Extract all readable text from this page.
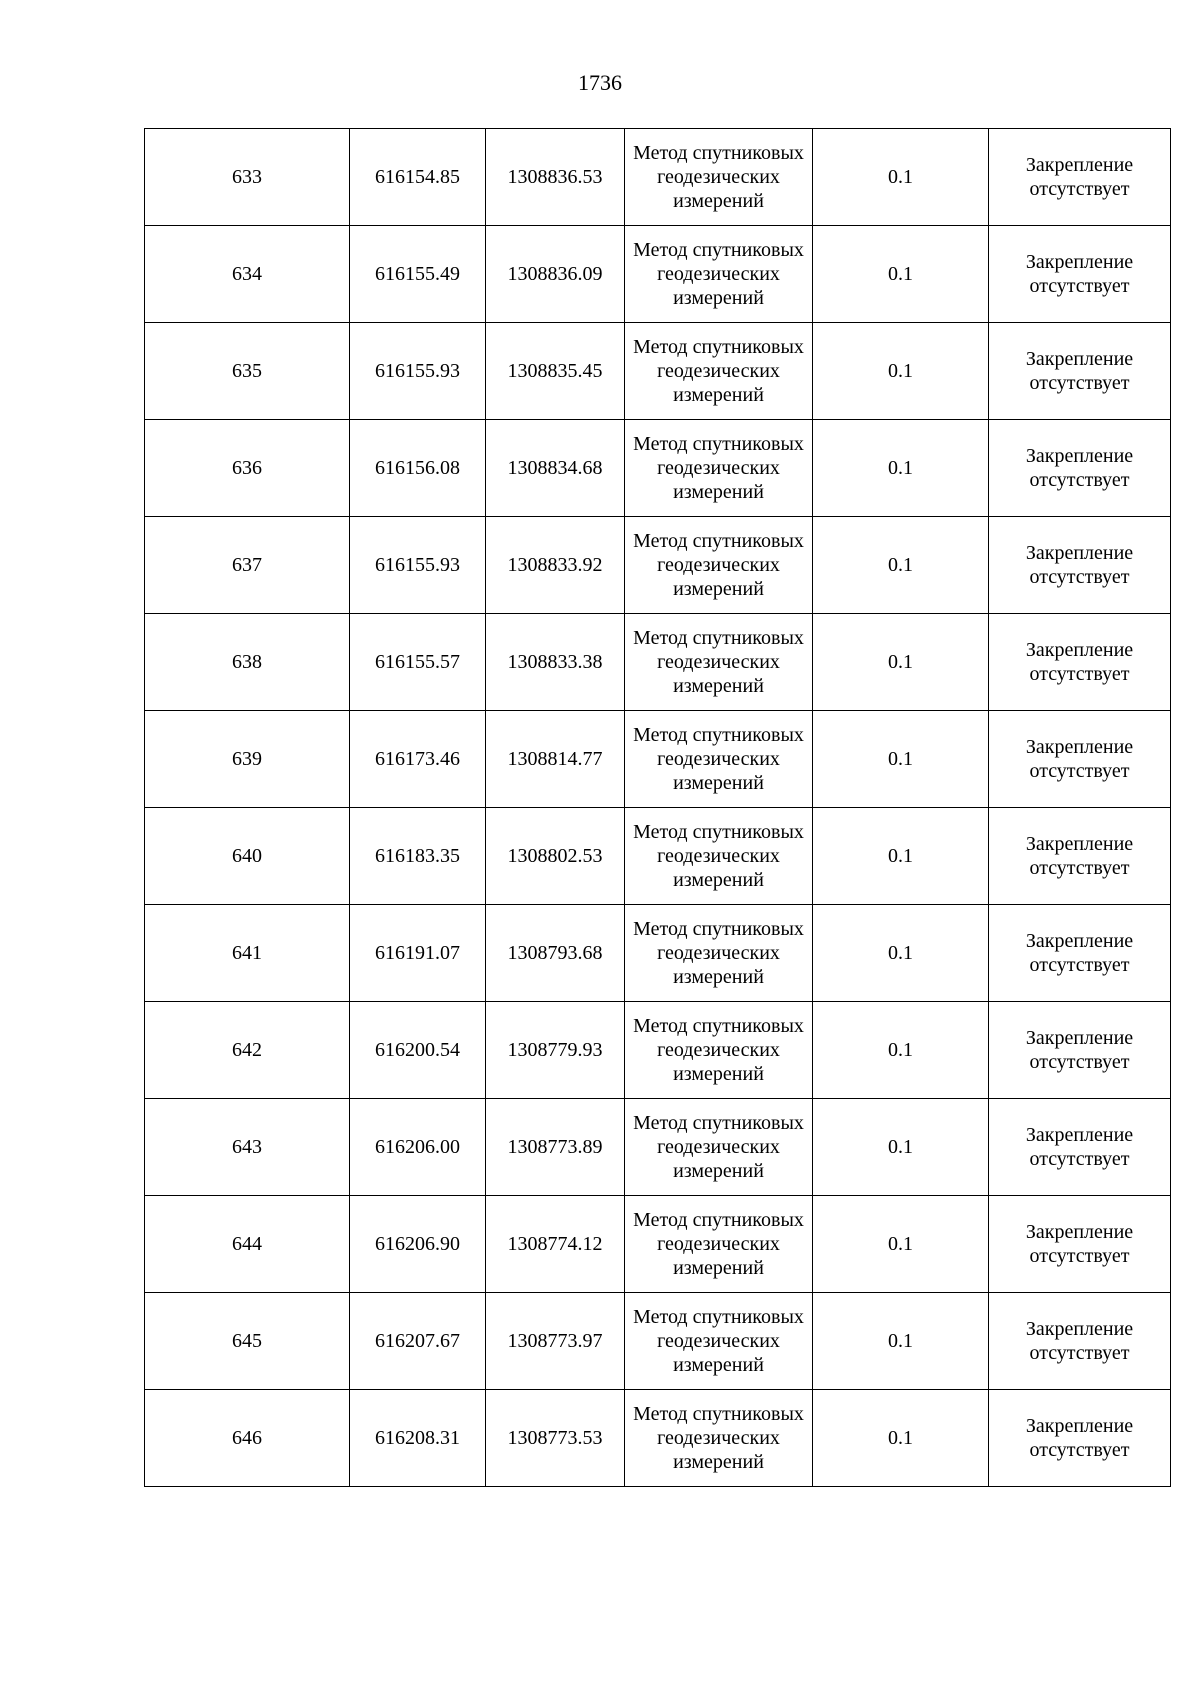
1736
633	616154.85	1308836.53	Метод спутниковых геодезических измерений	0.1	Закрепление отсутствует
634	616155.49	1308836.09	Метод спутниковых геодезических измерений	0.1	Закрепление отсутствует
635	616155.93	1308835.45	Метод спутниковых геодезических измерений	0.1	Закрепление отсутствует
636	616156.08	1308834.68	Метод спутниковых геодезических измерений	0.1	Закрепление отсутствует
637	616155.93	1308833.92	Метод спутниковых геодезических измерений	0.1	Закрепление отсутствует
638	616155.57	1308833.38	Метод спутниковых геодезических измерений	0.1	Закрепление отсутствует
639	616173.46	1308814.77	Метод спутниковых геодезических измерений	0.1	Закрепление отсутствует
640	616183.35	1308802.53	Метод спутниковых геодезических измерений	0.1	Закрепление отсутствует
641	616191.07	1308793.68	Метод спутниковых геодезических измерений	0.1	Закрепление отсутствует
642	616200.54	1308779.93	Метод спутниковых геодезических измерений	0.1	Закрепление отсутствует
643	616206.00	1308773.89	Метод спутниковых геодезических измерений	0.1	Закрепление отсутствует
644	616206.90	1308774.12	Метод спутниковых геодезических измерений	0.1	Закрепление отсутствует
645	616207.67	1308773.97	Метод спутниковых геодезических измерений	0.1	Закрепление отсутствует
646	616208.31	1308773.53	Метод спутниковых геодезических измерений	0.1	Закрепление отсутствует
